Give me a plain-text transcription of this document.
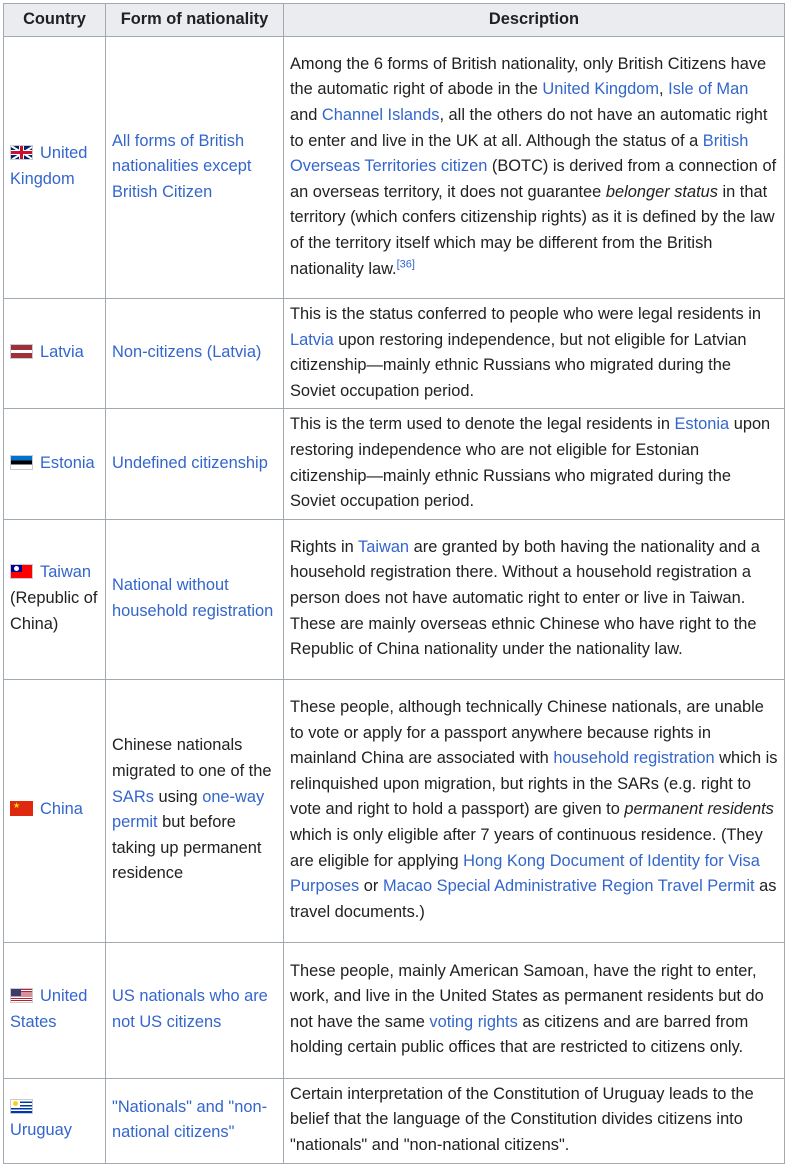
Country	Form of nationality	Description

United Kingdom	All forms of British nationalities except British Citizen	Among the 6 forms of British nationality, only British Citizens have the automatic right of abode in the United Kingdom, Isle of Man and Channel Islands, all the others do not have an automatic right to enter and live in the UK at all. Although the status of a British Overseas Territories citizen (BOTC) is derived from a connection of an overseas territory, it does not guarantee belonger status in that territory (which confers citizenship rights) as it is defined by the law of the territory itself which may be different from the British nationality law.[36]
Latvia	Non-citizens (Latvia)	This is the status conferred to people who were legal residents in Latvia upon restoring independence, but not eligible for Latvian citizenship—mainly ethnic Russians who migrated during the Soviet occupation period.
Estonia	Undefined citizenship	This is the term used to denote the legal residents in Estonia upon restoring independence who are not eligible for Estonian citizenship—mainly ethnic Russians who migrated during the Soviet occupation period.

Taiwan (Republic of China)	National without household registration	Rights in Taiwan are granted by both having the nationality and a household registration there. Without a household registration a person does not have automatic right to enter or live in Taiwan. These are mainly overseas ethnic Chinese who have right to the Republic of China nationality under the nationality law.

★ China	Chinese nationals migrated to one of the SARs using one-way permit but before taking up permanent residence	These people, although technically Chinese nationals, are unable to vote or apply for a passport anywhere because rights in mainland China are associated with household registration which is relinquished upon migration, but rights in the SARs (e.g. right to vote and right to hold a passport) are given to permanent residents which is only eligible after 7 years of continuous residence. (They are eligible for applying Hong Kong Document of Identity for Visa Purposes or Macao Special Administrative Region Travel Permit as travel documents.)

United States	US nationals who are not US citizens	These people, mainly American Samoan, have the right to enter, work, and live in the United States as permanent residents but do not have the same voting rights as citizens and are barred from holding certain public offices that are restricted to citizens only.

Uruguay	"Nationals" and "non-national citizens"	Certain interpretation of the Constitution of Uruguay leads to the belief that the language of the Constitution divides citizens into "nationals" and "non-national citizens".
